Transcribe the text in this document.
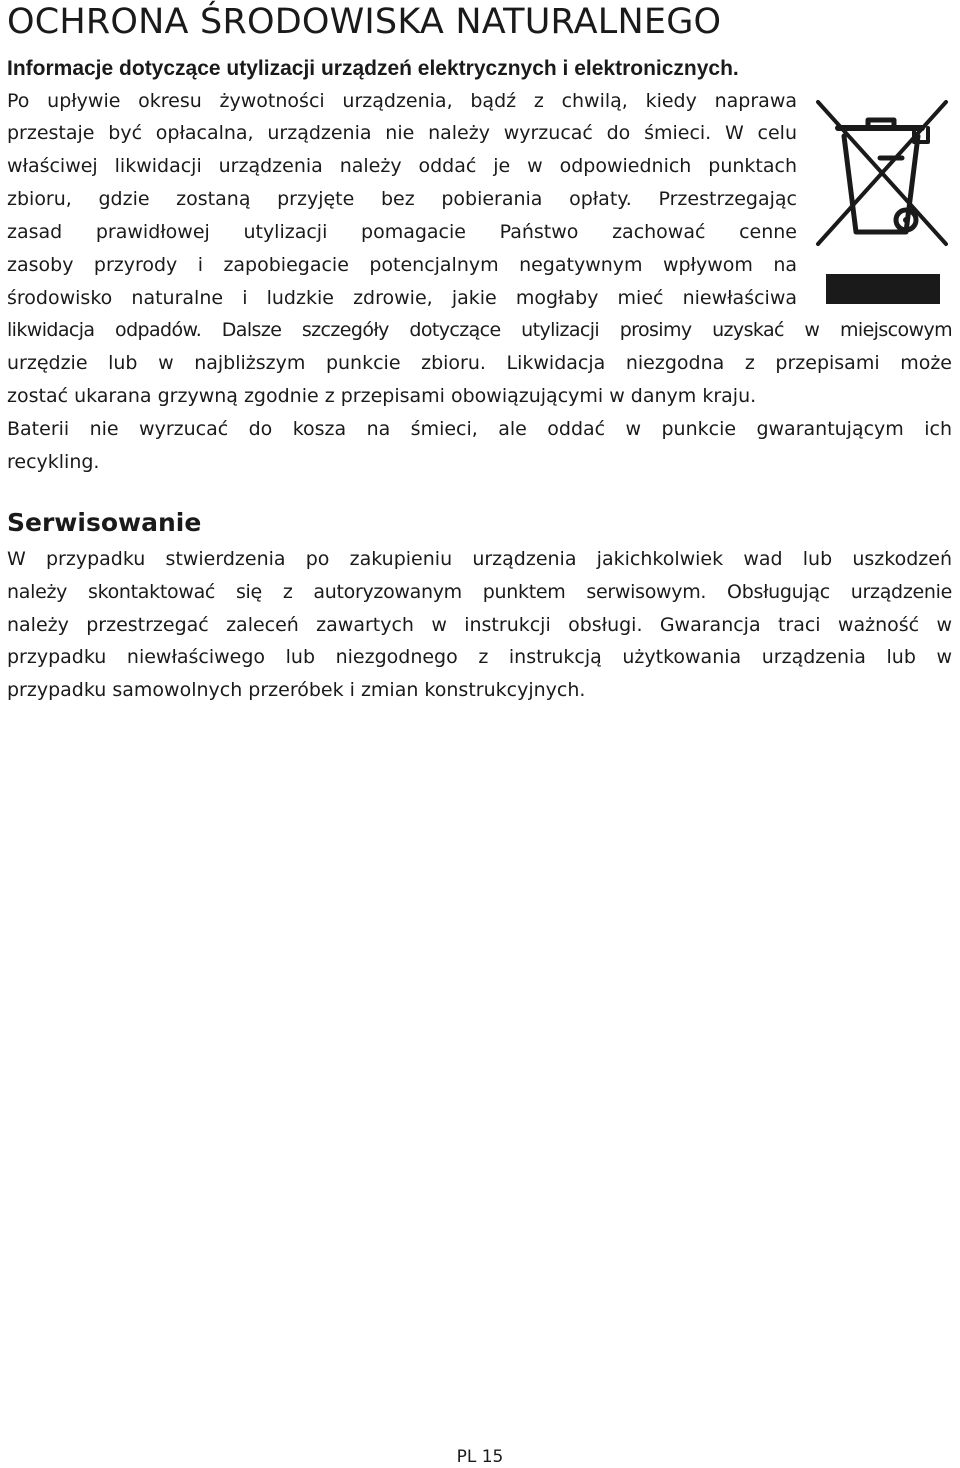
OCHRONA ŚRODOWISKA NATURALNEGO
Informacje dotyczące utylizacji urządzeń elektrycznych i elektronicznych.
Po upływie okresu żywotności urządzenia, bądź z chwilą, kiedy naprawa
przestaje być opłacalna, urządzenia nie należy wyrzucać do śmieci. W celu
właściwej likwidacji urządzenia należy oddać je w odpowiednich punktach
zbioru, gdzie zostaną przyjęte bez pobierania opłaty. Przestrzegając
zasad prawidłowej utylizacji pomagacie Państwo zachować cenne
zasoby przyrody i zapobiegacie potencjalnym negatywnym wpływom na
środowisko naturalne i ludzkie zdrowie, jakie mogłaby mieć niewłaściwa
likwidacja odpadów. Dalsze szczegóły dotyczące utylizacji prosimy uzyskać w miejscowym
urzędzie lub w najbliższym punkcie zbioru. Likwidacja niezgodna z przepisami może
zostać ukarana grzywną zgodnie z przepisami obowiązującymi w danym kraju.
Baterii nie wyrzucać do kosza na śmieci, ale oddać w punkcie gwarantującym ich
recykling.
Serwisowanie
W przypadku stwierdzenia po zakupieniu urządzenia jakichkolwiek wad lub uszkodzeń
należy skontaktować się z autoryzowanym punktem serwisowym. Obsługując urządzenie
należy przestrzegać zaleceń zawartych w instrukcji obsługi. Gwarancja traci ważność w
przypadku niewłaściwego lub niezgodnego z instrukcją użytkowania urządzenia lub w
przypadku samowolnych przeróbek i zmian konstrukcyjnych.
PL 15
